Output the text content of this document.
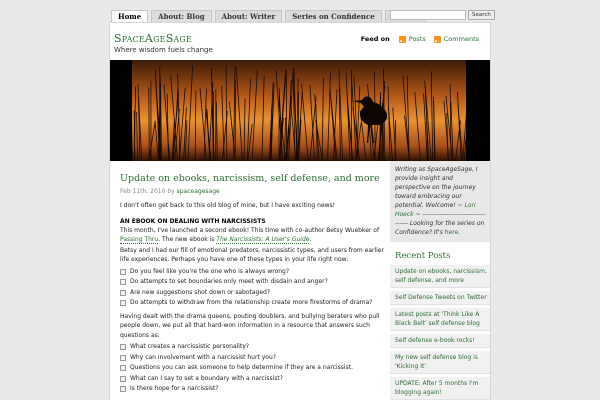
Home	About: Blog	About: Writer	Series on Confidence	Search
SpaceAgeSage
Where wisdom fuels change
Feed on	Posts	Comments
Update on ebooks, narcissism, self defense, and more
Feb 11th, 2010 by spaceagesage
I don't often get back to this old blog of mine, but I have exciting news!
AN EBOOK ON DEALING WITH NARCISSISTS
This month, I've launched a second ebook! This time with co-author Betsy Wuebker of Passing Thru. The new ebook is The Narcissists: A User's Guide.
Betsy and I had our fill of emotional predators, narcissistic types, and users from earlier life experiences. Perhaps you have one of these types in your life right now:
Do you feel like you're the one who is always wrong?
Do attempts to set boundaries only meet with disdain and anger?
Are new suggestions shot down or sabotaged?
Do attempts to withdraw from the relationship create more firestorms of drama?
Having dealt with the drama queens, pouting doublers, and bullying beraters who pull people down, we put all that hard-won information in a resource that answers such questions as:
What creates a narcissistic personality?
Why can involvement with a narcissist hurt you?
Questions you can ask someone to help determine if they are a narcissist.
What can I say to set a boundary with a narcissist?
Is there hope for a narcissist?
Writing as SpaceAgeSage, I provide insight and perspective on the journey toward embracing our potential. Welcome! ~ Lori Hoeck ~ ----------------------------------- Looking for the series on Confidence? It's here.
Recent Posts
Update on ebooks, narcissism, self defense, and more
Self Defense Tweets on Twitter
Latest posts at 'Think Like A Black Belt' self defense blog
Self defense e-book rocks!
My new self defense blog is 'Kicking It'
UPDATE: After 5 months I'm blogging again!
